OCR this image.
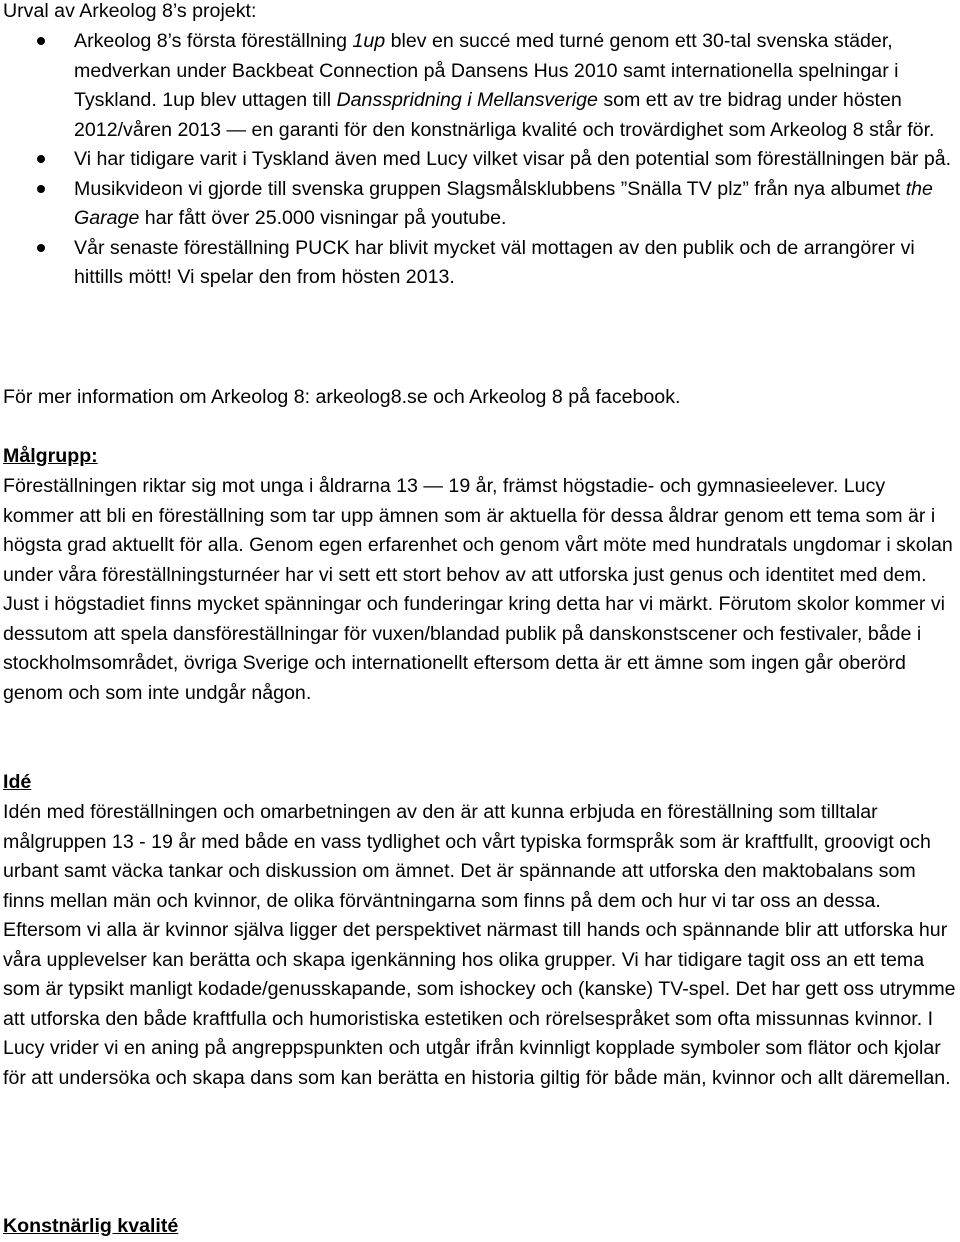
Urval av Arkeolog 8’s projekt:
Arkeolog 8’s första föreställning 1up blev en succé med turné genom ett 30-tal svenska städer, medverkan under Backbeat Connection på Dansens Hus 2010 samt internationella spelningar i Tyskland. 1up blev uttagen till Dansspridning i Mellansverige som ett av tre bidrag under hösten 2012/våren 2013 — en garanti för den konstnärliga kvalité och trovärdighet som Arkeolog 8 står för.
Vi har tidigare varit i Tyskland även med Lucy vilket visar på den potential som föreställningen bär på.
Musikvideon vi gjorde till svenska gruppen Slagsmålsklubbens ”Snälla TV plz” från nya albumet the Garage har fått över 25.000 visningar på youtube.
Vår senaste föreställning PUCK har blivit mycket väl mottagen av den publik och de arrangörer vi hittills mött! Vi spelar den from hösten 2013.

För mer information om Arkeolog 8: arkeolog8.se och Arkeolog 8 på facebook.

Målgrupp:

Föreställningen riktar sig mot unga i åldrarna 13 — 19 år, främst högstadie- och gymnasieelever. Lucy kommer att bli en föreställning som tar upp ämnen som är aktuella för dessa åldrar genom ett tema som är i högsta grad aktuellt för alla. Genom egen erfarenhet och genom vårt möte med hundratals ungdomar i skolan under våra föreställningsturnéer har vi sett ett stort behov av att utforska just genus och identitet med dem. Just i högstadiet finns mycket spänningar och funderingar kring detta har vi märkt. Förutom skolor kommer vi dessutom att spela dansföreställningar för vuxen/blandad publik på danskonstscener och festivaler, både i stockholmsområdet, övriga Sverige och internationellt eftersom detta är ett ämne som ingen går oberörd genom och som inte undgår någon.

Idé

Idén med föreställningen och omarbetningen av den är att kunna erbjuda en föreställning som tilltalar målgruppen 13 - 19 år med både en vass tydlighet och vårt typiska formspråk som är kraftfullt, groovigt och urbant samt väcka tankar och diskussion om ämnet. Det är spännande att utforska den maktobalans som finns mellan män och kvinnor, de olika förväntningarna som finns på dem och hur vi tar oss an dessa. Eftersom vi alla är kvinnor själva ligger det perspektivet närmast till hands och spännande blir att utforska hur våra upplevelser kan berätta och skapa igenkänning hos olika grupper. Vi har tidigare tagit oss an ett tema som är typsikt manligt kodade/genusskapande, som ishockey och (kanske) TV-spel. Det har gett oss utrymme att utforska den både kraftfulla och humoristiska estetiken och rörelsespråket som ofta missunnas kvinnor. I Lucy vrider vi en aning på angreppspunkten och utgår ifrån kvinnligt kopplade symboler som flätor och kjolar för att undersöka och skapa dans som kan berätta en historia giltig för både män, kvinnor och allt däremellan.

Konstnärlig kvalité
